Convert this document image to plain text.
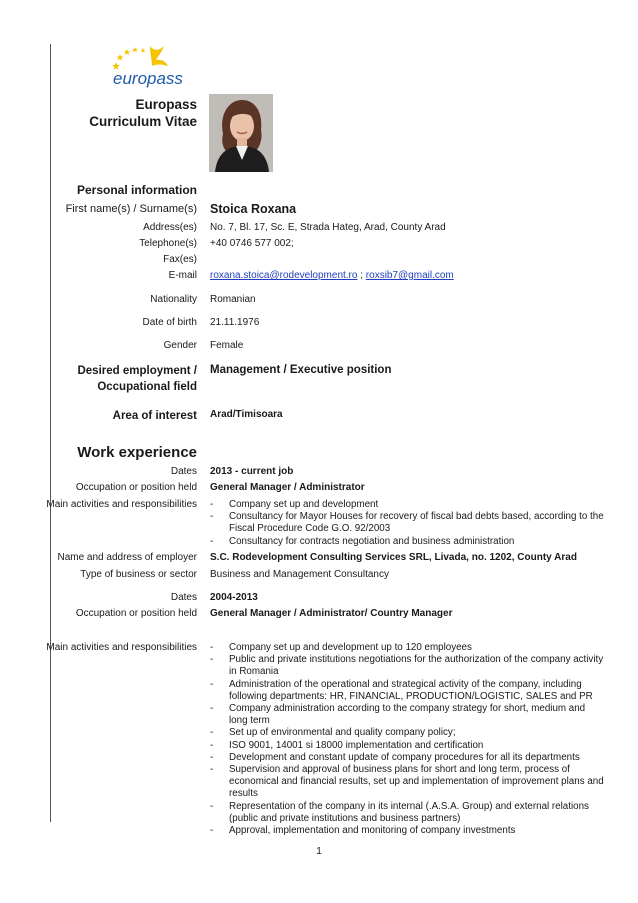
europass
Europass
Curriculum Vitae
Personal information
First name(s) / Surname(s) Stoica Roxana
Address(es) No. 7, Bl. 17, Sc. E, Strada Hateg, Arad, County Arad
Telephone(s) +40 0746 577 002;
Fax(es)
E-mail roxana.stoica@rodevelopment.ro ; roxsib7@gmail.com
Nationality Romanian
Date of birth 21.11.1976
Gender Female
Desired employment /
Occupational field
Management / Executive position
Area of interest Arad/Timisoara
Work experience
Dates 2013 - current job
Occupation or position held General Manager / Administrator
Main activities and responsibilities	- Company set up and development
- Consultancy for Mayor Houses for recovery of fiscal bad debts based, according to the Fiscal Procedure Code G.O. 92/2003
- Consultancy for contracts negotiation and business administration
Name and address of employer S.C. Rodevelopment Consulting Services SRL, Livada, no. 1202, County Arad
Type of business or sector Business and Management Consultancy
Dates 2004-2013
Occupation or position held General Manager / Administrator/ Country Manager
Main activities and responsibilities	- Company set up and development up to 120 employees
- Public and private institutions negotiations for the authorization of the company activity in Romania
- Administration of the operational and strategical activity of the company, including following departments: HR, FINANCIAL, PRODUCTION/LOGISTIC, SALES and PR
- Company administration according to the company strategy for short, medium and long term
- Set up of environmental and quality company policy;
- ISO 9001, 14001 si 18000 implementation and certification
- Development and constant update of company procedures for all its departments
- Supervision and approval of business plans for short and long term, process of economical and financial results, set up and implementation of improvement plans and results
- Representation of the company in its internal (.A.S.A. Group) and external relations (public and private institutions and business partners)
- Approval, implementation and monitoring of company investments
1
